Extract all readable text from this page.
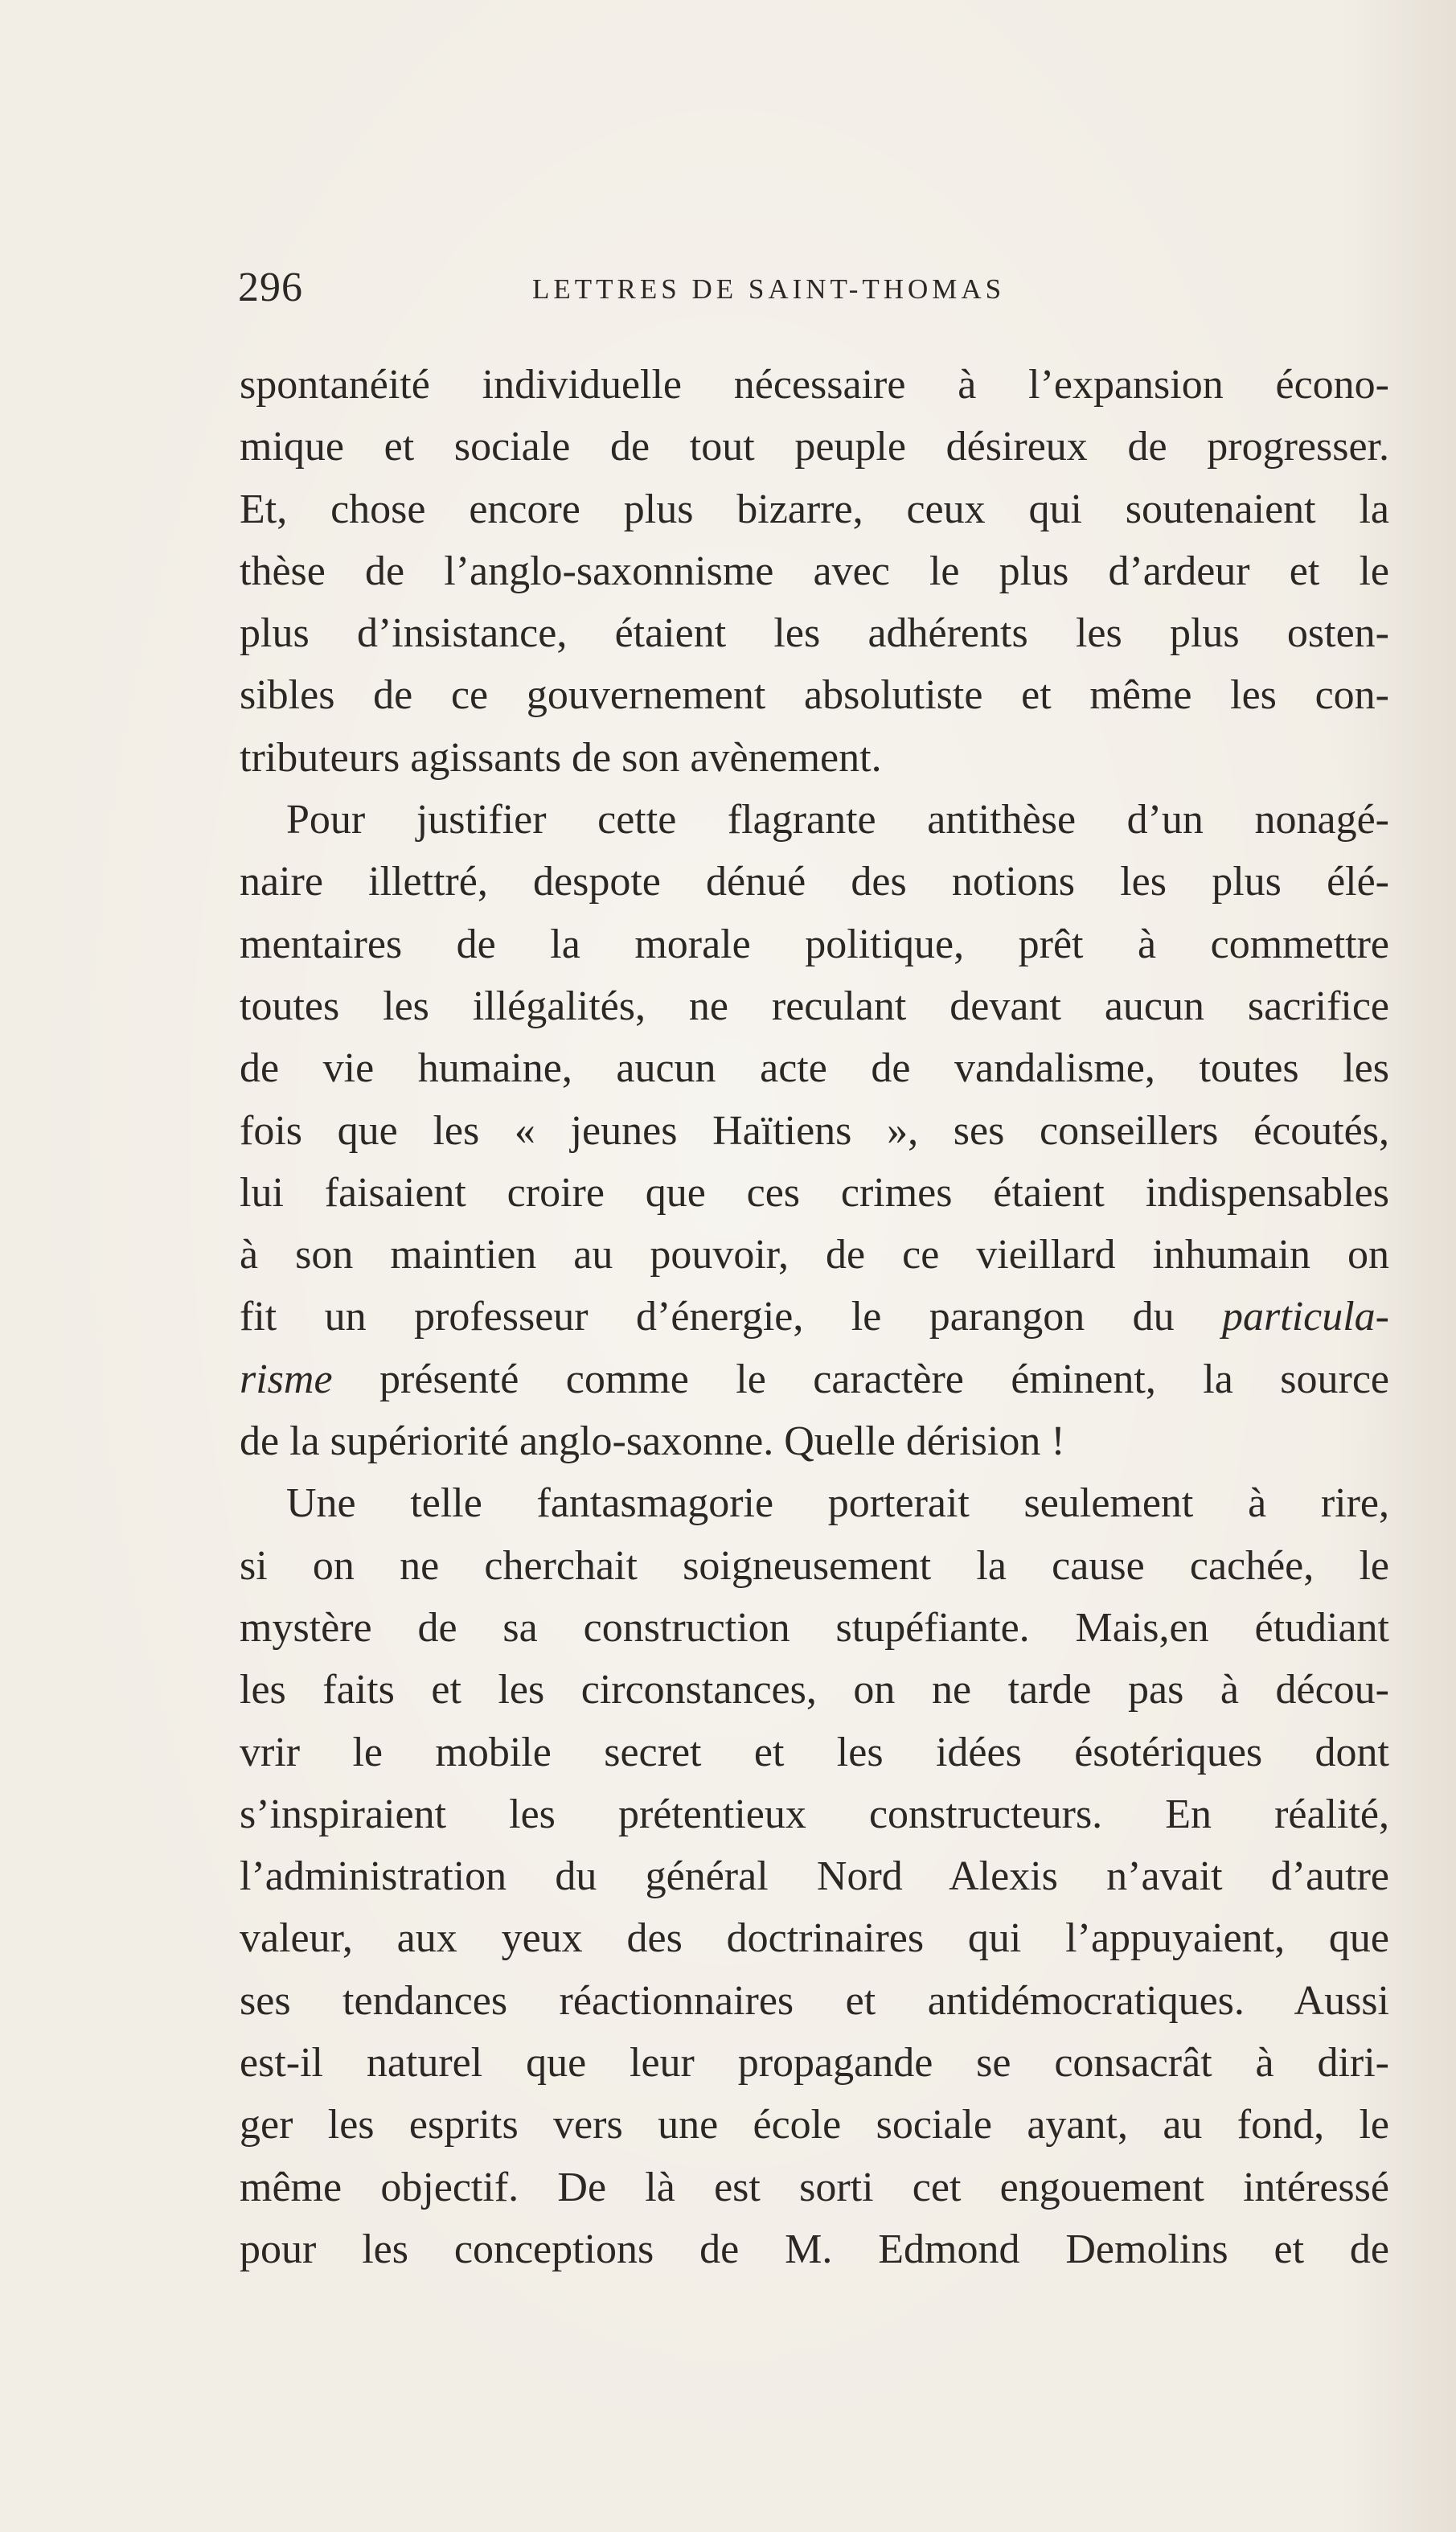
296	LETTRES DE SAINT-THOMAS
spontanéité individuelle nécessaire à l’expansion écono-
mique et sociale de tout peuple désireux de progresser.
Et, chose encore plus bizarre, ceux qui soutenaient la
thèse de l’anglo-saxonnisme avec le plus d’ardeur et le
plus d’insistance, étaient les adhérents les plus osten-
sibles de ce gouvernement absolutiste et même les con-
tributeurs agissants de son avènement.
Pour justifier cette flagrante antithèse d’un nonagé-
naire illettré, despote dénué des notions les plus élé-
mentaires de la morale politique, prêt à commettre
toutes les illégalités, ne reculant devant aucun sacrifice
de vie humaine, aucun acte de vandalisme, toutes les
fois que les « jeunes Haïtiens », ses conseillers écoutés,
lui faisaient croire que ces crimes étaient indispensables
à son maintien au pouvoir, de ce vieillard inhumain on
fit un professeur d’énergie, le parangon du particula-
risme présenté comme le caractère éminent, la source
de la supériorité anglo-saxonne. Quelle dérision !
Une telle fantasmagorie porterait seulement à rire,
si on ne cherchait soigneusement la cause cachée, le
mystère de sa construction stupéfiante. Mais,en étudiant
les faits et les circonstances, on ne tarde pas à décou-
vrir le mobile secret et les idées ésotériques dont
s’inspiraient les prétentieux constructeurs. En réalité,
l’administration du général Nord Alexis n’avait d’autre
valeur, aux yeux des doctrinaires qui l’appuyaient, que
ses tendances réactionnaires et antidémocratiques. Aussi
est-il naturel que leur propagande se consacrât à diri-
ger les esprits vers une école sociale ayant, au fond, le
même objectif. De là est sorti cet engouement intéressé
pour les conceptions de M. Edmond Demolins et de
